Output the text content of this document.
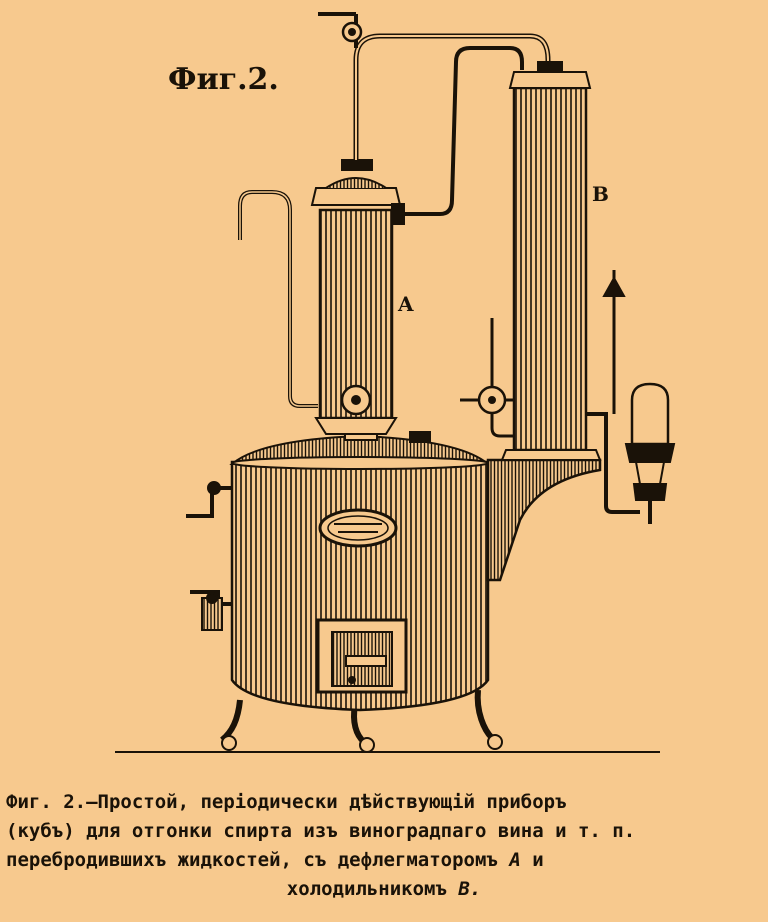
Фиг.2.
A
B
Фиг. 2.—Простой, перiодически дѣйствующiй приборъ
(кубъ) для отгонки спирта изъ виноградпаго вина и т. п.
перебродившихъ жидкостей, съ дефлегматоромъ A и
холодильникомъ B.
